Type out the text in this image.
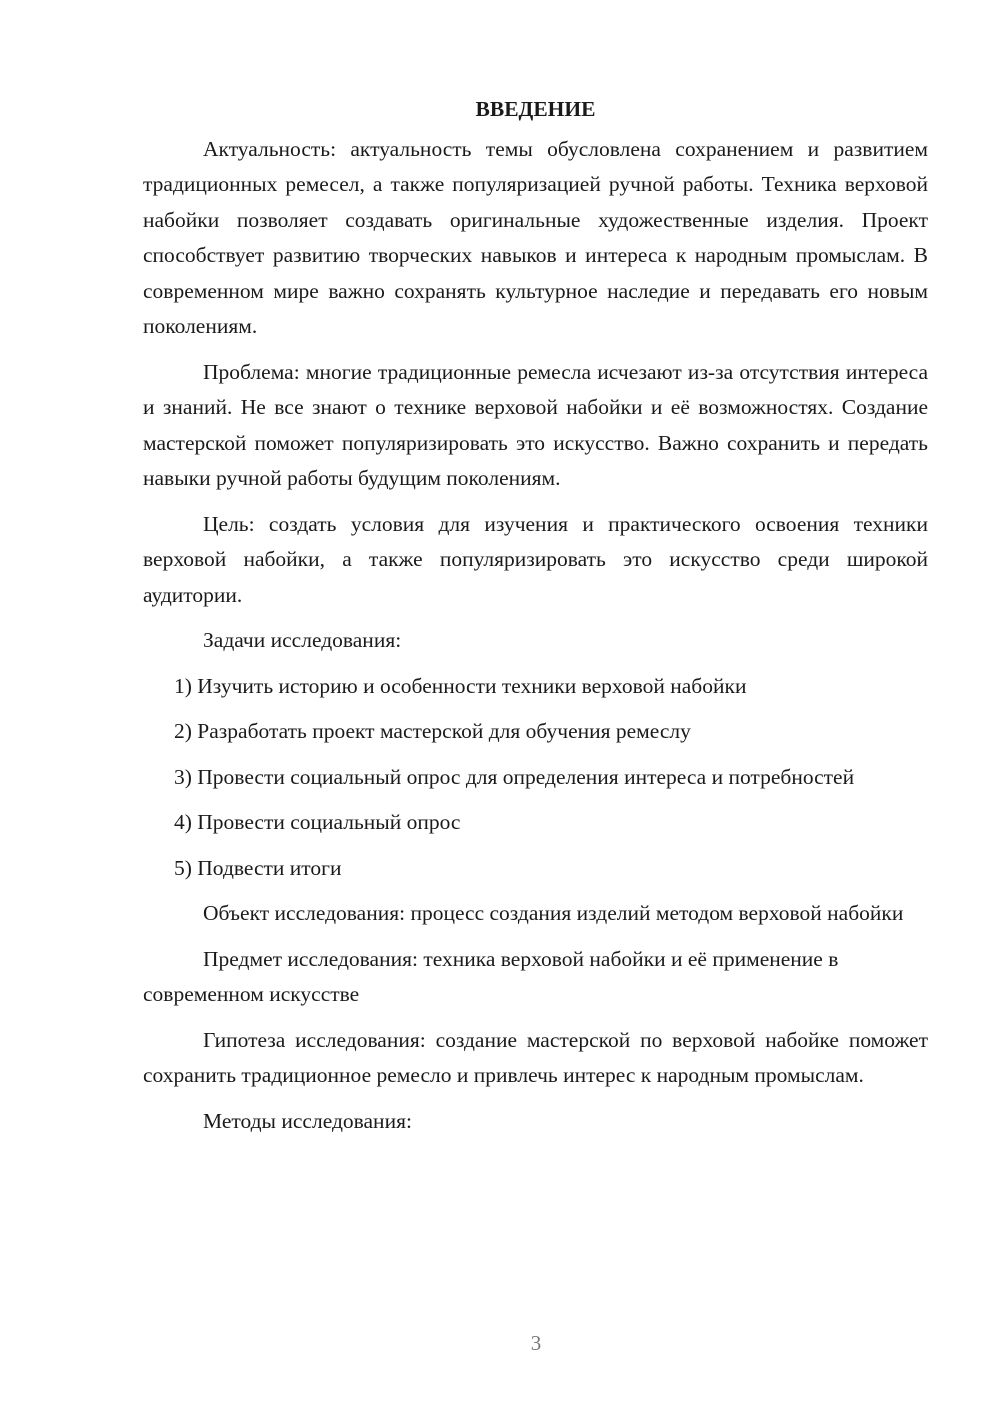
ВВЕДЕНИЕ

Актуальность: актуальность темы обусловлена сохранением и развитием традиционных ремесел, а также популяризацией ручной работы. Техника верховой набойки позволяет создавать оригинальные художественные изделия. Проект способствует развитию творческих навыков и интереса к народным промыслам. В современном мире важно сохранять культурное наследие и передавать его новым поколениям.

Проблема: многие традиционные ремесла исчезают из-за отсутствия интереса и знаний. Не все знают о технике верховой набойки и её возможностях. Создание мастерской поможет популяризировать это искусство. Важно сохранить и передать навыки ручной работы будущим поколениям.

Цель: создать условия для изучения и практического освоения техники верховой набойки, а также популяризировать это искусство среди широкой аудитории.

Задачи исследования:

1) Изучить историю и особенности техники верховой набойки

2) Разработать проект мастерской для обучения ремеслу

3) Провести социальный опрос для определения интереса и потребностей

4) Провести социальный опрос

5) Подвести итоги

Объект исследования: процесс создания изделий методом верховой набойки

Предмет исследования: техника верховой набойки и её применение в современном искусстве

Гипотеза исследования: создание мастерской по верховой набойке поможет сохранить традиционное ремесло и привлечь интерес к народным промыслам.

Методы исследования:

3
